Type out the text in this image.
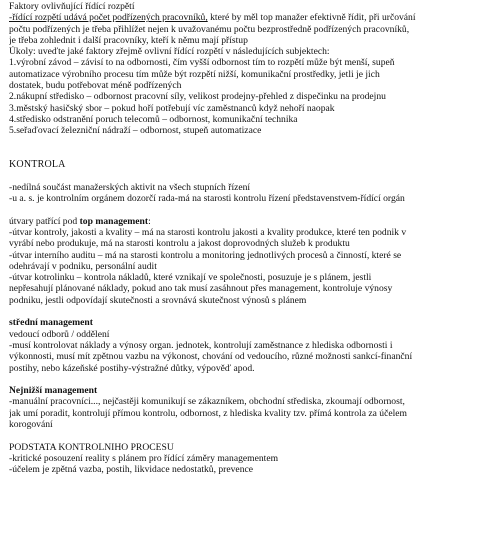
Faktory ovlivňující řídící rozpětí
-řídící rozpětí udává počet podřízených pracovníků, které by měl top manažer efektivně řídit, při určování
počtu podřízených je třeba přihlížet nejen k uvažovanému počtu bezprostředně podřízených pracovníků,
je třeba zohlednit i další pracovníky, kteří k němu mají přístup
Úkoly: uveďte jaké faktory zřejmě ovlivní řídící rozpětí v následujících subjektech:
1.výrobní závod – závisí to na odbornosti, čím vyšší odbornost tím to rozpětí může být menší, supeň
automatizace výrobního procesu tím může být rozpětí nižší, komunikační prostředky, jetli je jich
dostatek, budu potřebovat méně podřízených
2.nákupní středisko – odbornost pracovní síly, velikost prodejny-přehled z dispečinku na prodejnu
3.městský hasičský sbor – pokud hoří potřebují víc zaměstnanců když nehoří naopak
4.středisko odstranění poruch telecomů – odbornost, komunikační technika
5.seřaďovací železniční nádraží – odbornost, stupeň automatizace
KONTROLA
-nedílná součást manažerských aktivit na všech stupních řízení
-u a. s. je kontrolním orgánem dozorčí rada-má na starosti kontrolu řízení představenstvem-řídící orgán
útvary patřící pod top management:
-útvar kontroly, jakosti a kvality – má na starosti kontrolu jakosti a kvality produkce, které ten podnik v
vyrábí nebo produkuje, má na starosti kontrolu a jakost doprovodných služeb k produktu
-útvar interního auditu – má na starosti kontrolu a monitoring jednotlivých procesů a činností, které se
odehrávají v podniku, personální audit
-útvar kotrolinku – kontrola nákladů, které vznikají ve společnosti, posuzuje je s plánem, jestli
nepřesahují plánované náklady, pokud ano tak musí zasáhnout přes management, kontroluje výnosy
podniku, jestli odpovídají skutečnosti a srovnává skutečnost výnosů s plánem
střední management
vedoucí odborů / oddělení
-musí kontrolovat náklady a výnosy organ. jednotek, kontrolují zaměstnance z hlediska odbornosti i
výkonnosti, musí mít zpětnou vazbu na výkonost, chování od vedoucího, různé možnosti sankcí-finanční
postihy, nebo kázeňské postihy-výstražné důtky, výpověď apod.
Nejnižší management
-manuální pracovníci..., nejčastěji komunikují se zákazníkem, obchodní střediska, zkoumají odbornost,
jak umí poradit, kontrolují přímou kontrolu, odbornost, z hlediska kvality tzv. přímá kontrola za účelem
korogování
PODSTATA KONTROLNIHO PROCESU
-kritické posouzení reality s plánem pro řídící záměry managementem
-účelem je zpětná vazba, postih, likvidace nedostatků, prevence
